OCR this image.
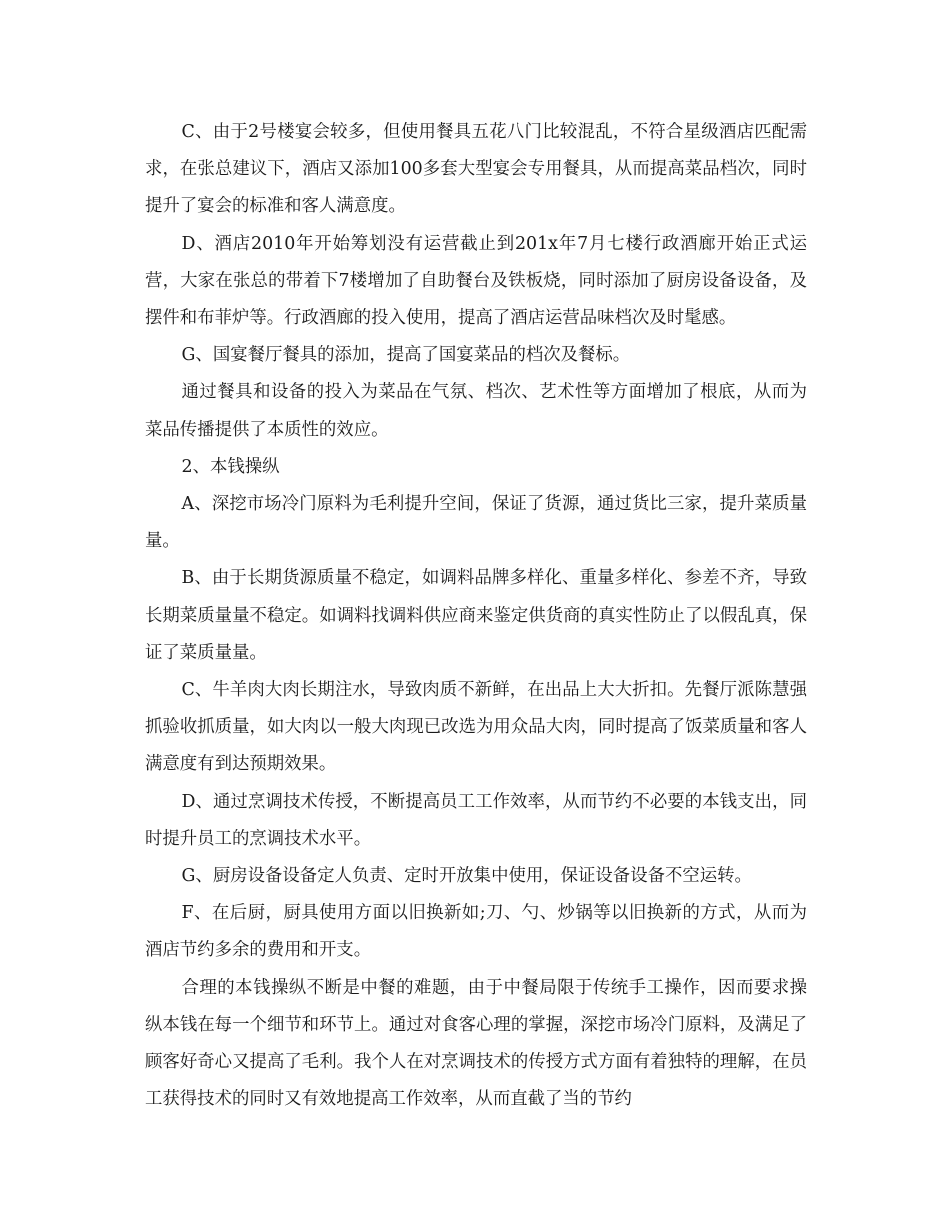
C、由于2号楼宴会较多，但使用餐具五花八门比较混乱，不符合星级酒店匹配需求，在张总建议下，酒店又添加100多套大型宴会专用餐具，从而提高菜品档次，同时提升了宴会的标准和客人满意度。

D、酒店2010年开始筹划没有运营截止到201x年7月七楼行政酒廊开始正式运营，大家在张总的带着下7楼增加了自助餐台及铁板烧，同时添加了厨房设备设备，及摆件和布菲炉等。行政酒廊的投入使用，提高了酒店运营品味档次及时髦感。

G、国宴餐厅餐具的添加，提高了国宴菜品的档次及餐标。

通过餐具和设备的投入为菜品在气氛、档次、艺术性等方面增加了根底，从而为菜品传播提供了本质性的效应。

2、本钱操纵

A、深挖市场冷门原料为毛利提升空间，保证了货源，通过货比三家，提升菜质量量。

B、由于长期货源质量不稳定，如调料品牌多样化、重量多样化、参差不齐，导致长期菜质量量不稳定。如调料找调料供应商来鉴定供货商的真实性防止了以假乱真，保证了菜质量量。

C、牛羊肉大肉长期注水，导致肉质不新鲜，在出品上大大折扣。先餐厅派陈慧强抓验收抓质量，如大肉以一般大肉现已改选为用众品大肉，同时提高了饭菜质量和客人满意度有到达预期效果。

D、通过烹调技术传授，不断提高员工工作效率，从而节约不必要的本钱支出，同时提升员工的烹调技术水平。

G、厨房设备设备定人负责、定时开放集中使用，保证设备设备不空运转。

F、在后厨，厨具使用方面以旧换新如;刀、勺、炒锅等以旧换新的方式，从而为酒店节约多余的费用和开支。

合理的本钱操纵不断是中餐的难题，由于中餐局限于传统手工操作，因而要求操纵本钱在每一个细节和环节上。通过对食客心理的掌握，深挖市场冷门原料，及满足了顾客好奇心又提高了毛利。我个人在对烹调技术的传授方式方面有着独特的理解，在员工获得技术的同时又有效地提高工作效率，从而直截了当的节约
